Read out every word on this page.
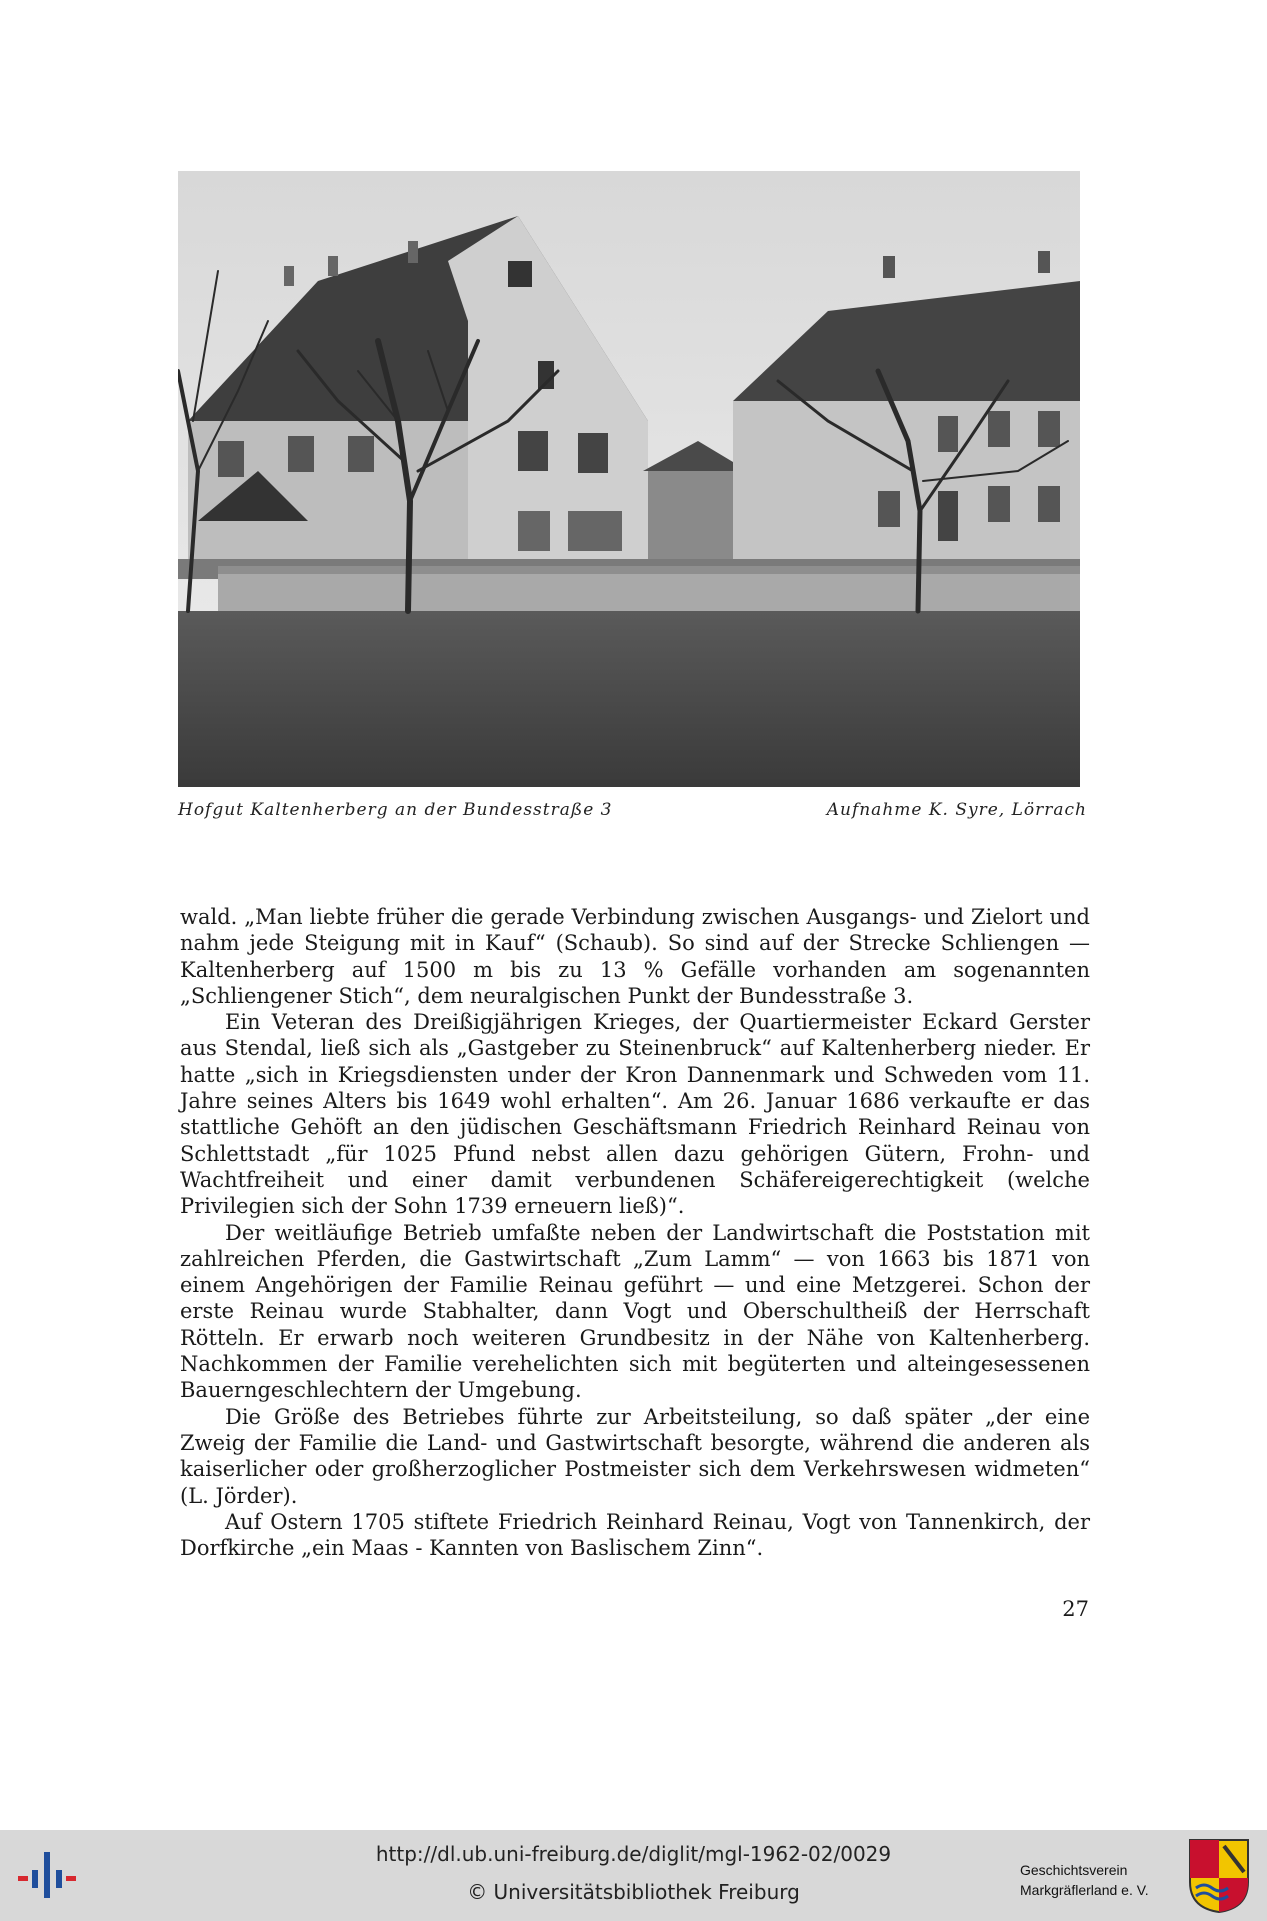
Hofgut Kaltenherberg an der Bundesstraße 3	Aufnahme K. Syre, Lörrach

wald. „Man liebte früher die gerade Verbindung zwischen Ausgangs- und Zielort und nahm jede Steigung mit in Kauf“ (Schaub). So sind auf der Strecke Schliengen — Kaltenherberg auf 1500 m bis zu 13 % Gefälle vorhanden am sogenannten „Schliengener Stich“, dem neuralgischen Punkt der Bundesstraße 3.

Ein Veteran des Dreißigjährigen Krieges, der Quartiermeister Eckard Gerster aus Stendal, ließ sich als „Gastgeber zu Steinenbruck“ auf Kaltenherberg nieder. Er hatte „sich in Kriegsdiensten under der Kron Dannenmark und Schweden vom 11. Jahre seines Alters bis 1649 wohl erhalten“. Am 26. Januar 1686 verkaufte er das stattliche Gehöft an den jüdischen Geschäftsmann Friedrich Reinhard Reinau von Schlettstadt „für 1025 Pfund nebst allen dazu gehörigen Gütern, Frohn- und Wachtfreiheit und einer damit verbundenen Schäfereigerechtigkeit (welche Privilegien sich der Sohn 1739 erneuern ließ)“.

Der weitläufige Betrieb umfaßte neben der Landwirtschaft die Poststation mit zahlreichen Pferden, die Gastwirtschaft „Zum Lamm“ — von 1663 bis 1871 von einem Angehörigen der Familie Reinau geführt — und eine Metzgerei. Schon der erste Reinau wurde Stabhalter, dann Vogt und Oberschultheiß der Herrschaft Rötteln. Er erwarb noch weiteren Grundbesitz in der Nähe von Kaltenherberg. Nachkommen der Familie verehelichten sich mit begüterten und alteingesessenen Bauerngeschlechtern der Umgebung.

Die Größe des Betriebes führte zur Arbeitsteilung, so daß später „der eine Zweig der Familie die Land- und Gastwirtschaft besorgte, während die anderen als kaiserlicher oder großherzoglicher Postmeister sich dem Verkehrswesen widmeten“ (L. Jörder).

Auf Ostern 1705 stiftete Friedrich Reinhard Reinau, Vogt von Tannenkirch, der Dorfkirche „ein Maas - Kannten von Baslischem Zinn“.

27
http://dl.ub.uni-freiburg.de/diglit/mgl-1962-02/0029
© Universitätsbibliothek Freiburg
Geschichtsverein
Markgräflerland e. V.
